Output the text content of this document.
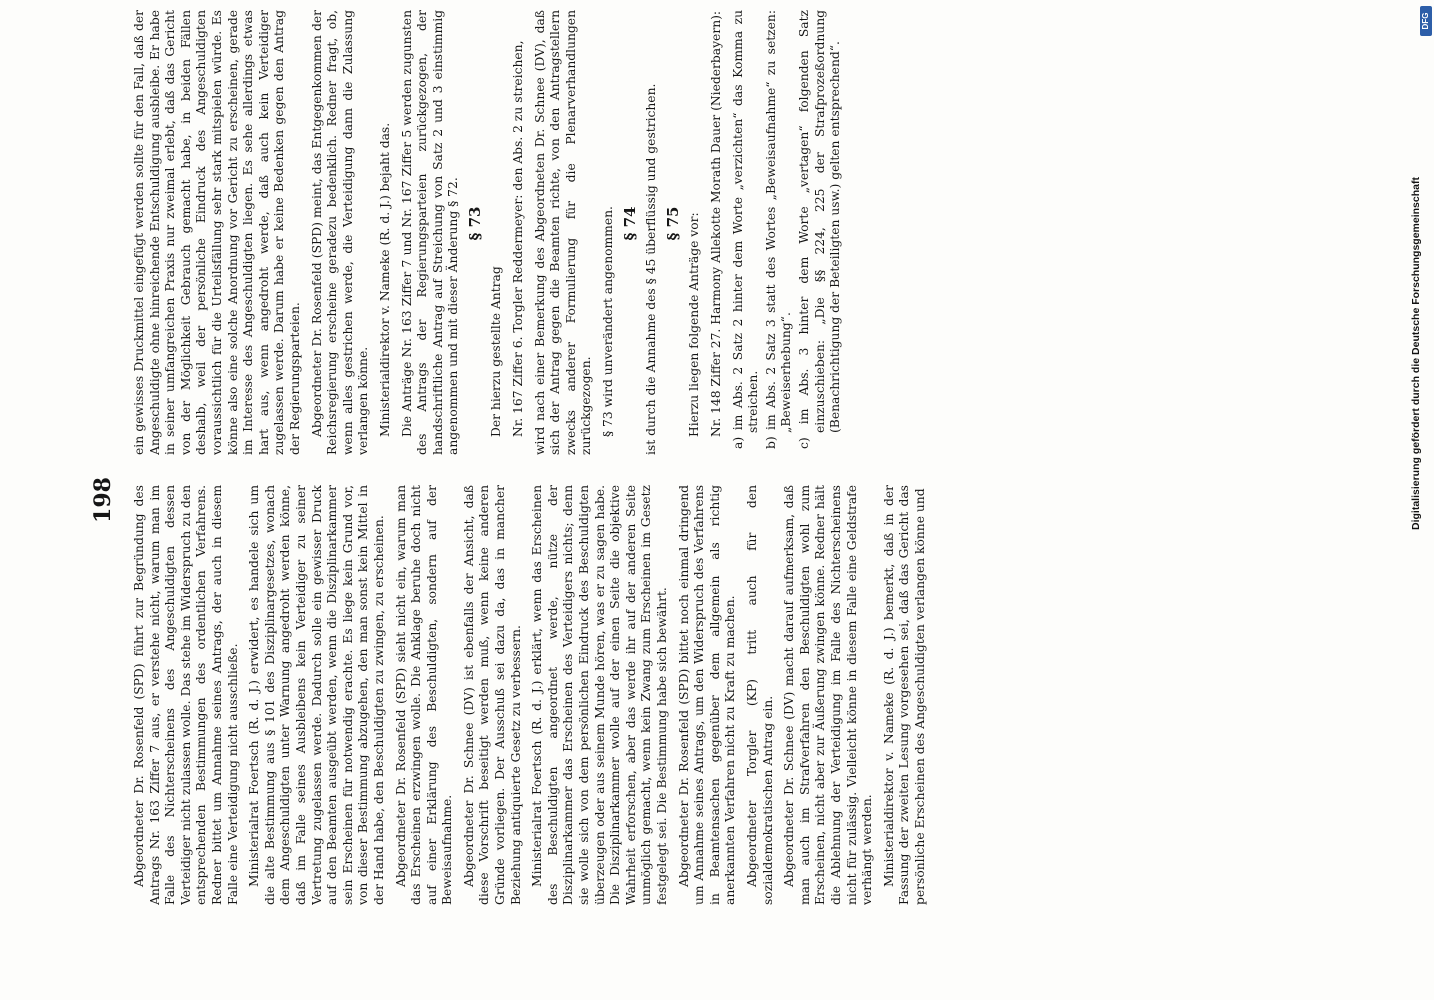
198 Abgeordneter Dr. Rosenfeld (SPD) führt zur Begründung des Antrags Nr. 163 Ziffer 7 aus, er verstehe nicht, warum man im Falle des Nichterscheinens des Angeschuldigten dessen Verteidiger nicht zulassen wolle. Das stehe im Widerspruch zu den entsprechenden Bestimmungen des ordentlichen Verfahrens. Redner bittet um Annahme seines Antrags, der auch in diesem Falle eine Verteidigung nicht ausschließe. Ministerialrat Foertsch (R. d. J.) erwidert, es handele sich um die alte Bestimmung aus § 101 des Disziplinargesetzes, wonach dem Angeschuldigten unter Warnung angedroht werden könne, daß im Falle seines Ausbleibens kein Verteidiger zu seiner Vertretung zugelassen werde. Dadurch solle ein gewisser Druck auf den Beamten ausgeübt werden, wenn die Disziplinarkammer sein Erscheinen für notwendig erachte. Es liege kein Grund vor, von dieser Bestimmung abzugehen, den man sonst kein Mittel in der Hand habe, den Beschuldigten zu zwingen, zu erscheinen. Abgeordneter Dr. Rosenfeld (SPD) sieht nicht ein, warum man das Erscheinen erzwingen wolle. Die Anklage beruhe doch nicht auf einer Erklärung des Beschuldigten, sondern auf der Beweisaufnahme. Abgeordneter Dr. Schnee (DV) ist ebenfalls der Ansicht, daß diese Vorschrift beseitigt werden muß, wenn keine anderen Gründe vorliegen. Der Ausschuß sei dazu da, das in mancher Beziehung antiquierte Gesetz zu verbessern. Ministerialrat Foertsch (R. d. J.) erklärt, wenn das Erscheinen des Beschuldigten angeordnet werde, nütze der Disziplinarkammer das Erscheinen des Verteidigers nichts; denn sie wolle sich von dem persönlichen Eindruck des Beschuldigten überzeugen oder aus seinem Munde hören, was er zu sagen habe. Die Disziplinarkammer wolle auf der einen Seite die objektive Wahrheit erforschen, aber das werde ihr auf der anderen Seite unmöglich gemacht, wenn kein Zwang zum Erscheinen im Gesetz festgelegt sei. Die Bestimmung habe sich bewährt. Abgeordneter Dr. Rosenfeld (SPD) bittet noch einmal dringend um Annahme seines Antrags, um den Widerspruch des Verfahrens in Beamtensachen gegenüber dem allgemein als richtig anerkannten Verfahren nicht zu Kraft zu machen. Abgeordneter Torgler (KP) tritt auch für den sozialdemokratischen Antrag ein. Abgeordneter Dr. Schnee (DV) macht darauf aufmerksam, daß man auch im Strafverfahren den Beschuldigten wohl zum Erscheinen, nicht aber zur Äußerung zwingen könne. Redner hält die Ablehnung der Verteidigung im Falle des Nichterscheinens nicht für zulässig. Vielleicht könne in diesem Falle eine Geldstrafe verhängt werden. Ministerialdirektor v. Nameke (R. d. J.) bemerkt, daß in der Fassung der zweiten Lesung vorgesehen sei, daß das Gericht das persönliche Erscheinen des Angeschuldigten verlangen könne und

ein gewisses Druckmittel eingefügt werden sollte für den Fall, daß der Angeschuldigte ohne hinreichende Entschuldigung ausbleibe. Er habe in seiner umfangreichen Praxis nur zweimal erlebt, daß das Gericht von der Möglichkeit Gebrauch gemacht habe, in beiden Fällen deshalb, weil der persönliche Eindruck des Angeschuldigten voraussichtlich für die Urteilsfällung sehr stark mitspielen würde. Es könne also eine solche Anordnung vor Gericht zu erscheinen, gerade im Interesse des Angeschuldigten liegen. Es sehe allerdings etwas hart aus, wenn angedroht werde, daß auch kein Verteidiger zugelassen werde. Darum habe er keine Bedenken gegen den Antrag der Regierungsparteien. Abgeordneter Dr. Rosenfeld (SPD) meint, das Entgegenkommen der Reichsregierung erscheine geradezu bedenklich. Redner fragt, ob, wenn alles gestrichen werde, die Verteidigung dann die Zulassung verlangen könne. Ministerialdirektor v. Nameke (R. d. J.) bejaht das. Die Anträge Nr. 163 Ziffer 7 und Nr. 167 Ziffer 5 werden zugunsten des Antrags der Regierungsparteien zurückgezogen, der handschriftliche Antrag auf Streichung von Satz 2 und 3 einstimmig angenommen und mit dieser Änderung § 72. § 73

Der hierzu gestellte Antrag Nr. 167 Ziffer 6. Torgler Reddermeyer: den Abs. 2 zu streichen, wird nach einer Bemerkung des Abgeordneten Dr. Schnee (DV), daß sich der Antrag gegen die Beamten richte, von den Antragstellern zwecks anderer Formulierung für die Plenarverhandlungen zurückgezogen. § 73 wird unverändert angenommen. § 74 ist durch die Annahme des § 45 überflüssig und gestrichen. § 75 Hierzu liegen folgende Anträge vor: Nr. 148 Ziffer 27. Harmony Allekotte Morath Dauer (Niederbayern): a) im Abs. 2 Satz 2 hinter dem Worte „verzichten“ das Komma zu streichen. b) im Abs. 2 Satz 3 statt des Wortes „Beweisaufnahme“ zu setzen: „Beweiserhebung“. c) im Abs. 3 hinter dem Worte „vertagen“ folgenden Satz einzuschieben: „Die §§ 224, 225 der Strafprozeßordnung (Benachrichtigung der Beteiligten usw.) gelten entsprechend“.	Digitalisierung gefördert durch die Deutsche Forschungsgemeinschaft
DFG
